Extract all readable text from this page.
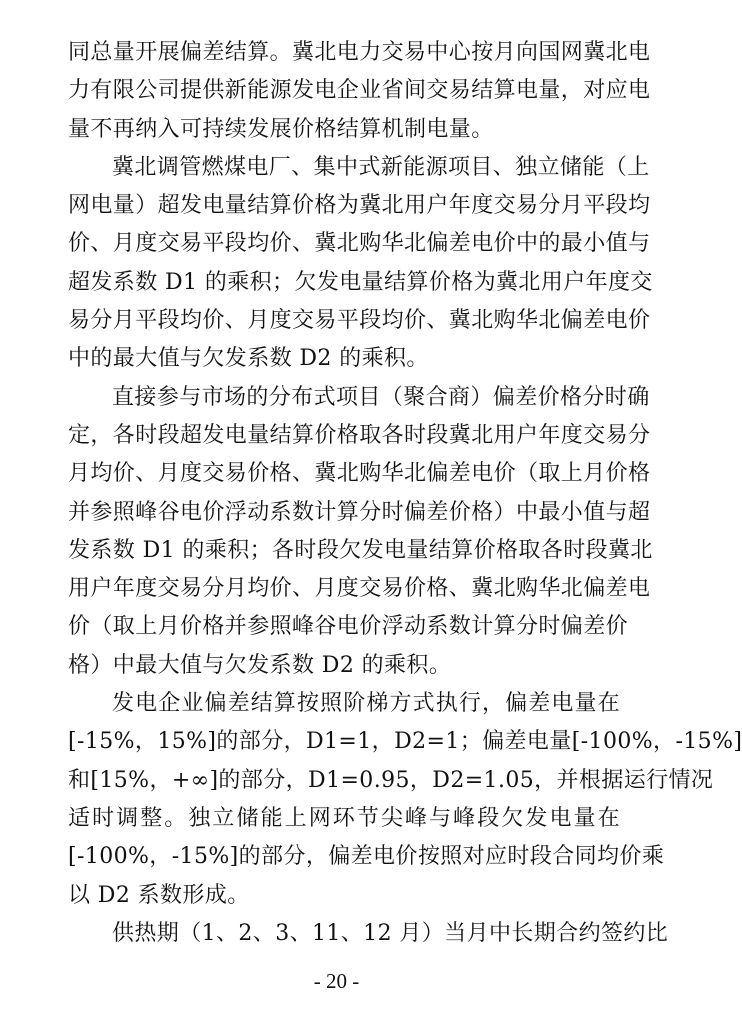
同总量开展偏差结算。冀北电力交易中心按月向国网冀北电
力有限公司提供新能源发电企业省间交易结算电量，对应电
量不再纳入可持续发展价格结算机制电量。
冀北调管燃煤电厂、集中式新能源项目、独立储能（上
网电量）超发电量结算价格为冀北用户年度交易分月平段均
价、月度交易平段均价、冀北购华北偏差电价中的最小值与
超发系数 D1 的乘积；欠发电量结算价格为冀北用户年度交
易分月平段均价、月度交易平段均价、冀北购华北偏差电价
中的最大值与欠发系数 D2 的乘积。
直接参与市场的分布式项目（聚合商）偏差价格分时确
定，各时段超发电量结算价格取各时段冀北用户年度交易分
月均价、月度交易价格、冀北购华北偏差电价（取上月价格
并参照峰谷电价浮动系数计算分时偏差价格）中最小值与超
发系数 D1 的乘积；各时段欠发电量结算价格取各时段冀北
用户年度交易分月均价、月度交易价格、冀北购华北偏差电
价（取上月价格并参照峰谷电价浮动系数计算分时偏差价
格）中最大值与欠发系数 D2 的乘积。
发电企业偏差结算按照阶梯方式执行，偏差电量在
[-15%，15%]的部分，D1=1，D2=1；偏差电量[-100%，-15%]
和[15%，+∞]的部分，D1=0.95，D2=1.05，并根据运行情况
适时调整。独立储能上网环节尖峰与峰段欠发电量在
[-100%，-15%]的部分，偏差电价按照对应时段合同均价乘
以 D2 系数形成。
供热期（1、2、3、11、12 月）当月中长期合约签约比
- 20 -
